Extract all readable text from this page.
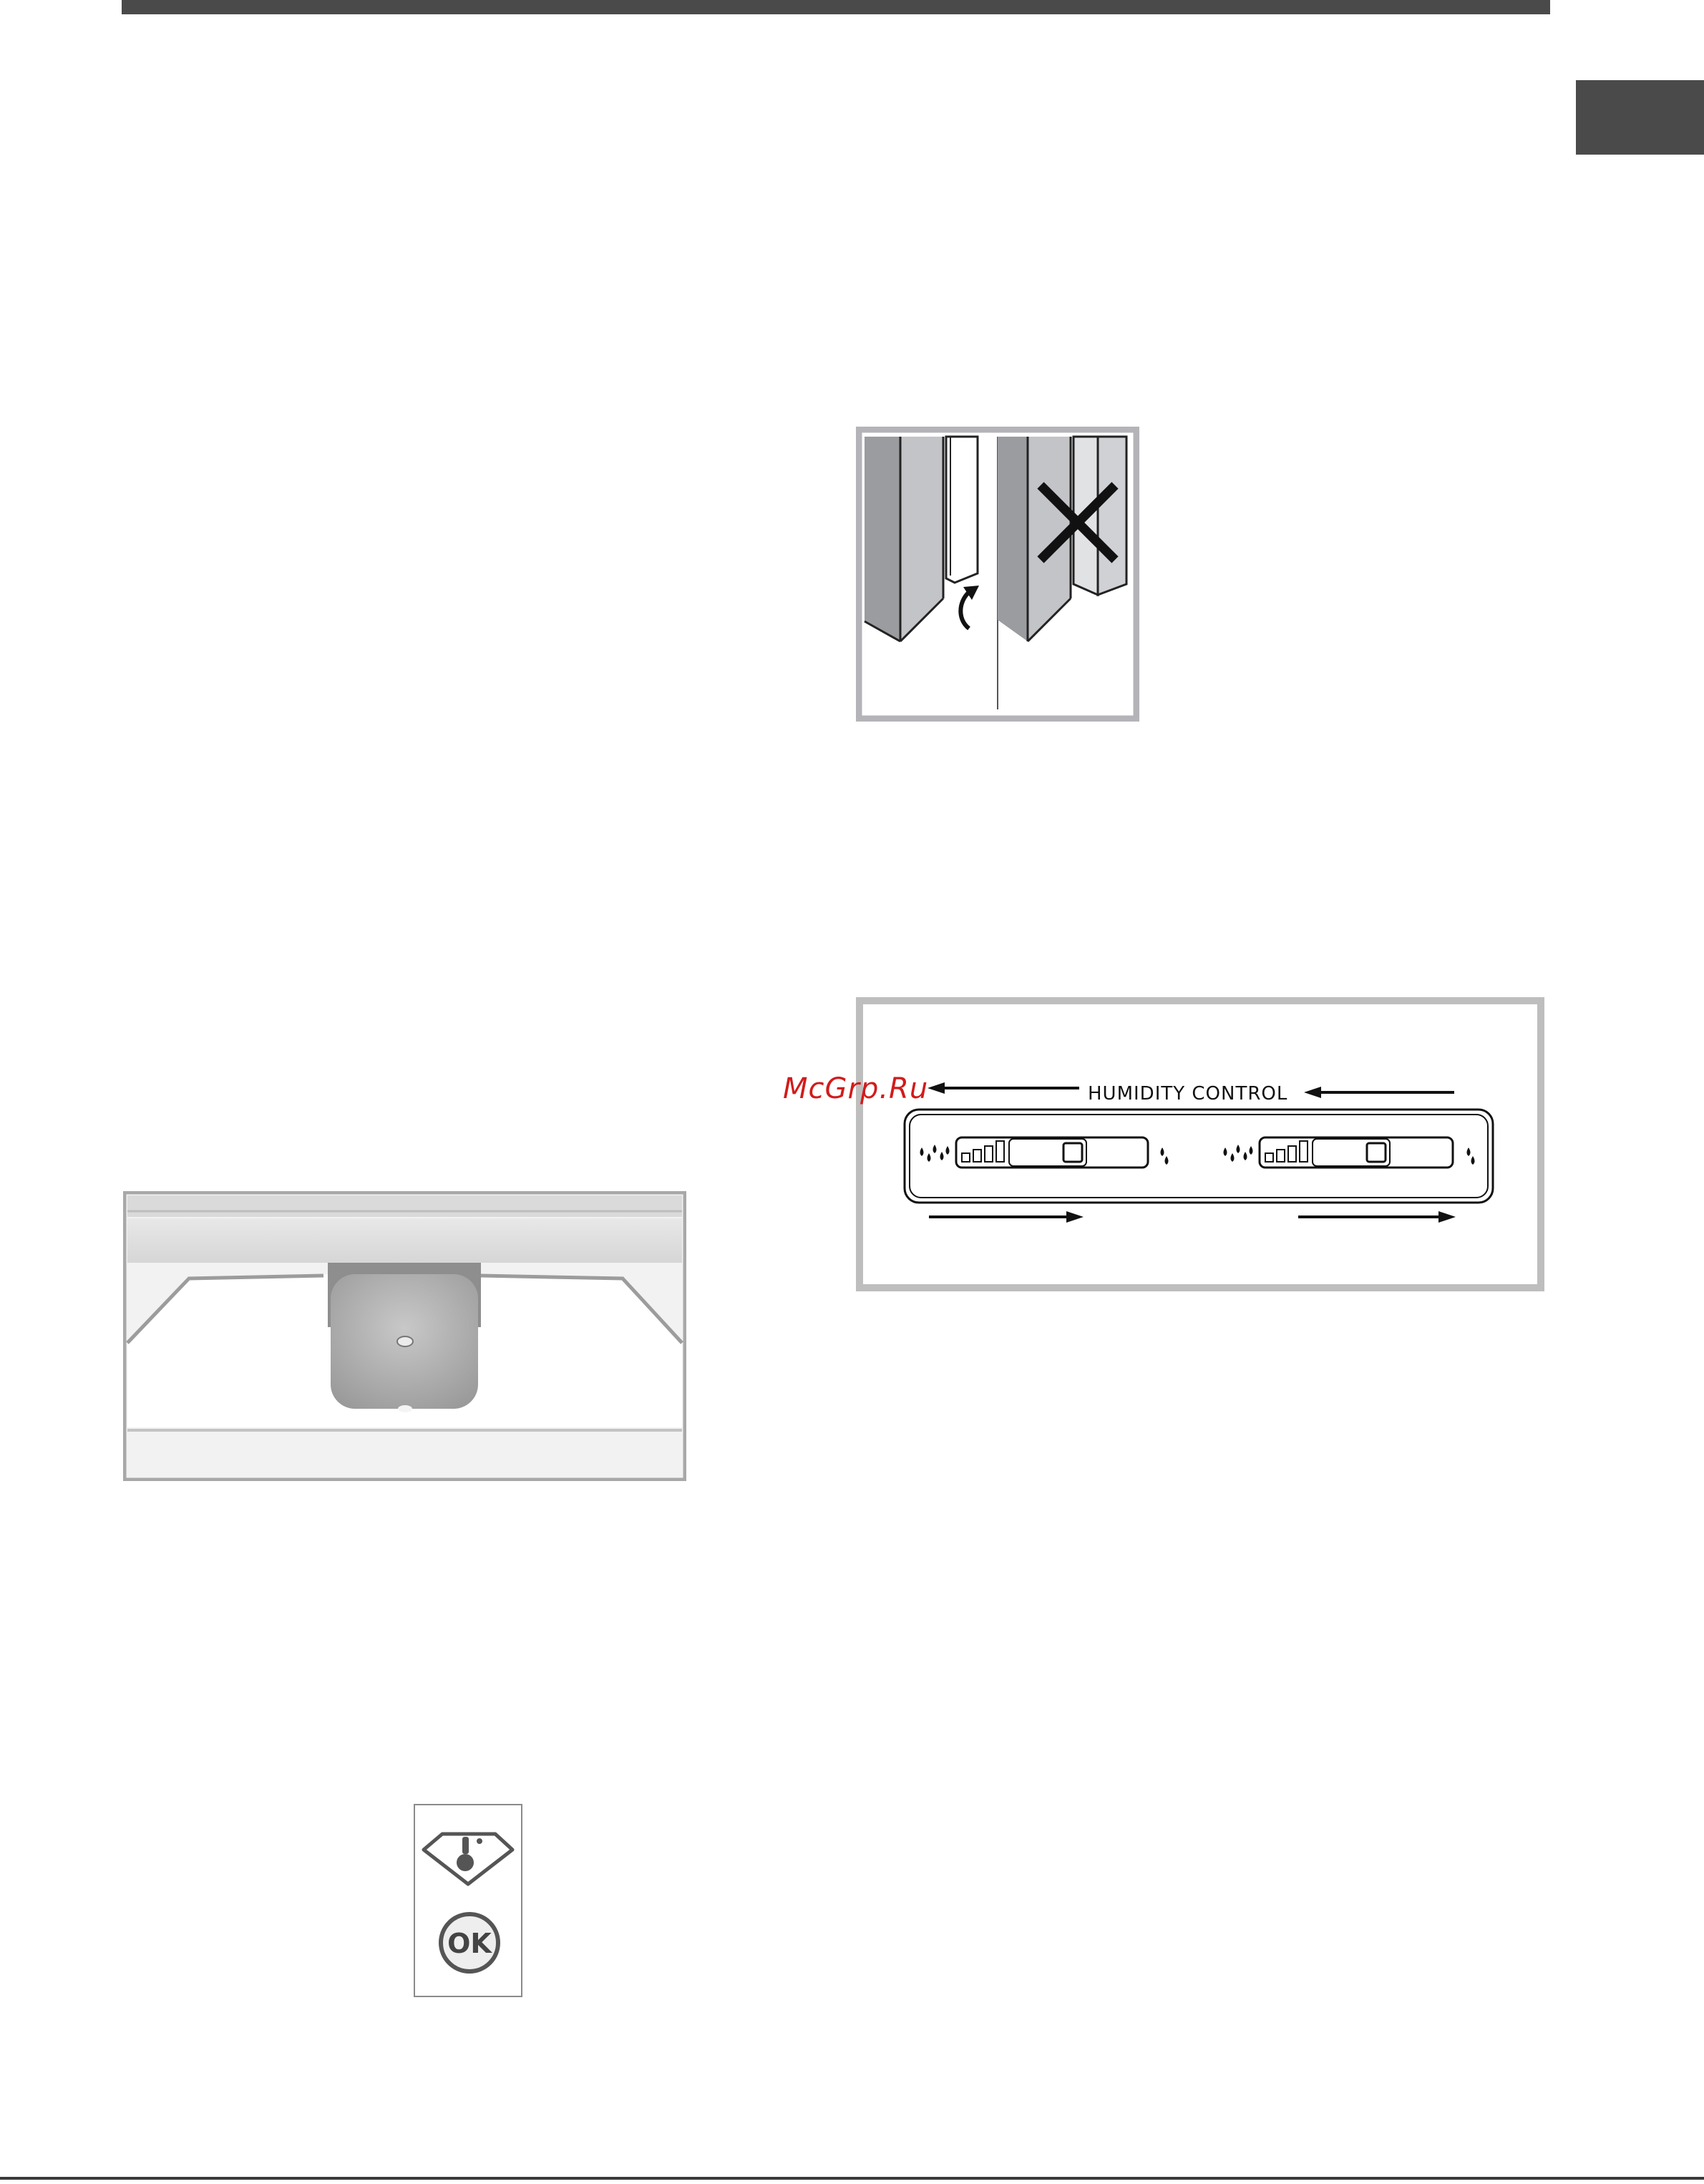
HUMIDITY CONTROL
McGrp.Ru
OK
